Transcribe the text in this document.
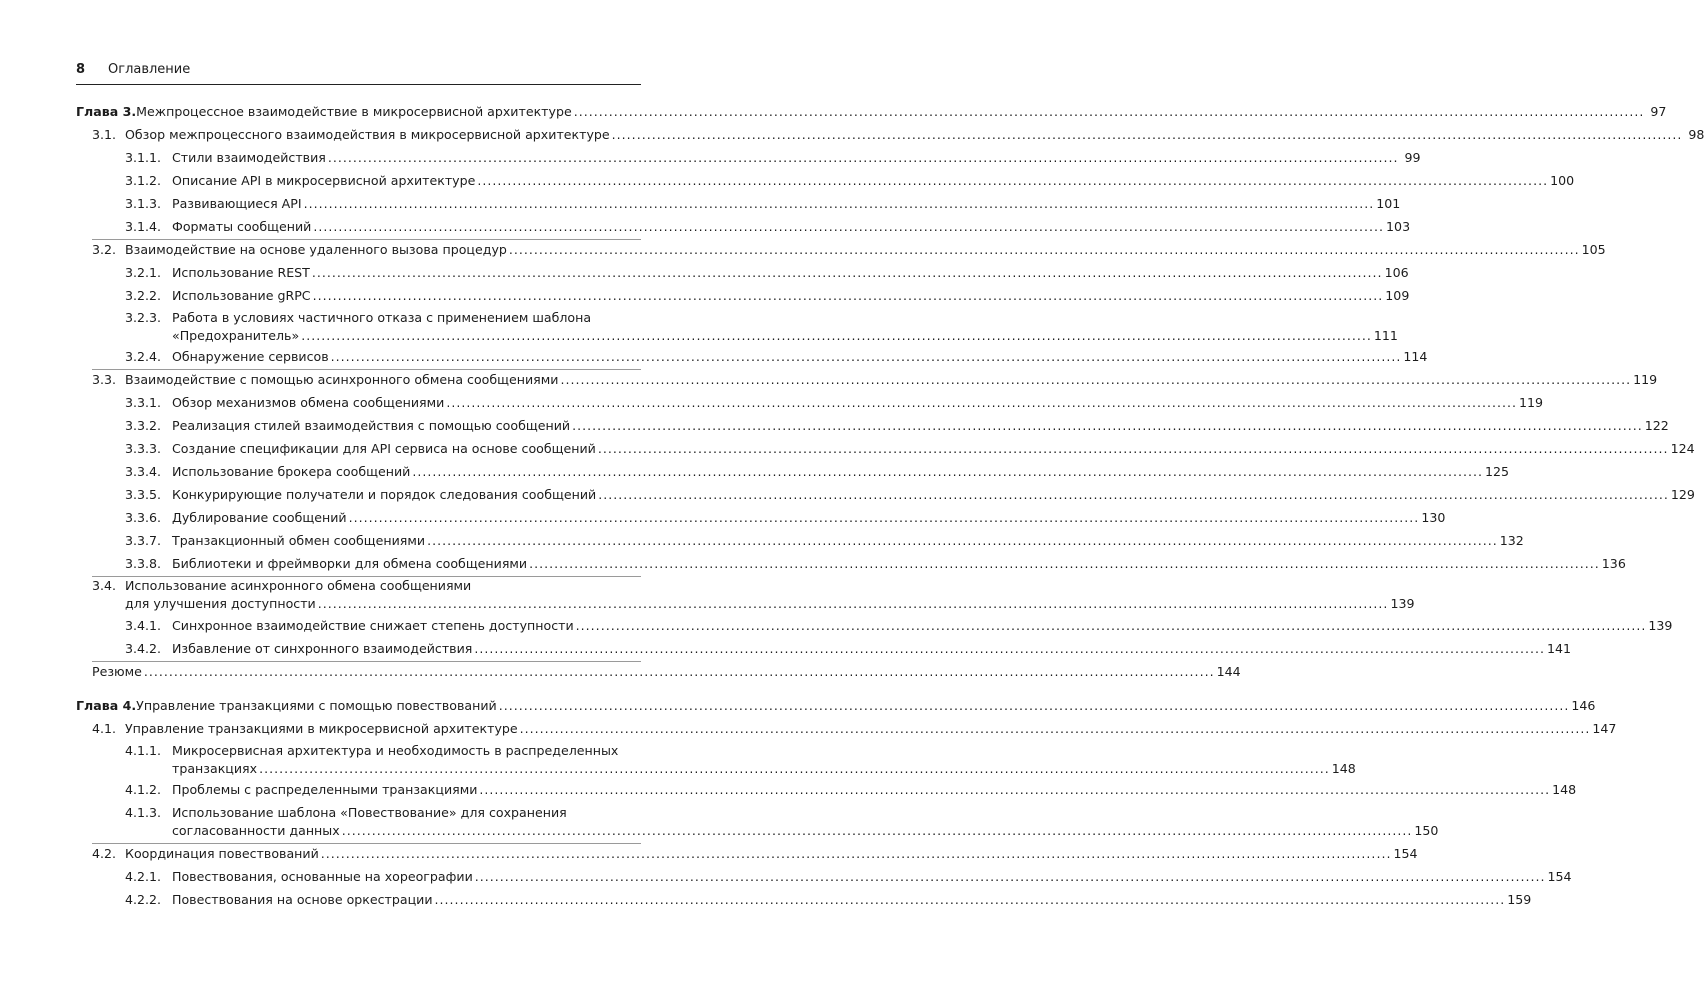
8 Оглавление
Глава 3. Межпроцессное взаимодействие в микросервисной архитектуре .....	97
3.1. Обзор межпроцессного взаимодействия в микросервисной архитектуре .....	98
3.1.1. Стили взаимодействия .....	99
3.1.2. Описание API в микросервисной архитектуре .....	100
3.1.3. Развивающиеся API .....	101
3.1.4. Форматы сообщений .....	103
3.2. Взаимодействие на основе удаленного вызова процедур .....	105
3.2.1. Использование REST .....	106
3.2.2. Использование gRPC .....	109
3.2.3. Работа в условиях частичного отказа с применением шаблона
«Предохранитель» .....	111
3.2.4. Обнаружение сервисов .....	114
3.3. Взаимодействие с помощью асинхронного обмена сообщениями .....	119
3.3.1. Обзор механизмов обмена сообщениями .....	119
3.3.2. Реализация стилей взаимодействия с помощью сообщений .....	122
3.3.3. Создание спецификации для API сервиса на основе сообщений .....	124
3.3.4. Использование брокера сообщений .....	125
3.3.5. Конкурирующие получатели и порядок следования сообщений .....	129
3.3.6. Дублирование сообщений .....	130
3.3.7. Транзакционный обмен сообщениями .....	132
3.3.8. Библиотеки и фреймворки для обмена сообщениями .....	136
3.4. Использование асинхронного обмена сообщениями
для улучшения доступности .....	139
3.4.1. Синхронное взаимодействие снижает степень доступности .....	139
3.4.2. Избавление от синхронного взаимодействия .....	141
Резюме .....	144
Глава 4. Управление транзакциями с помощью повествований .....	146
4.1. Управление транзакциями в микросервисной архитектуре .....	147
4.1.1. Микросервисная архитектура и необходимость в распределенных
транзакциях .....	148
4.1.2. Проблемы с распределенными транзакциями .....	148
4.1.3. Использование шаблона «Повествование» для сохранения
согласованности данных .....	150
4.2. Координация повествований .....	154
4.2.1. Повествования, основанные на хореографии .....	154
4.2.2. Повествования на основе оркестрации .....	159
